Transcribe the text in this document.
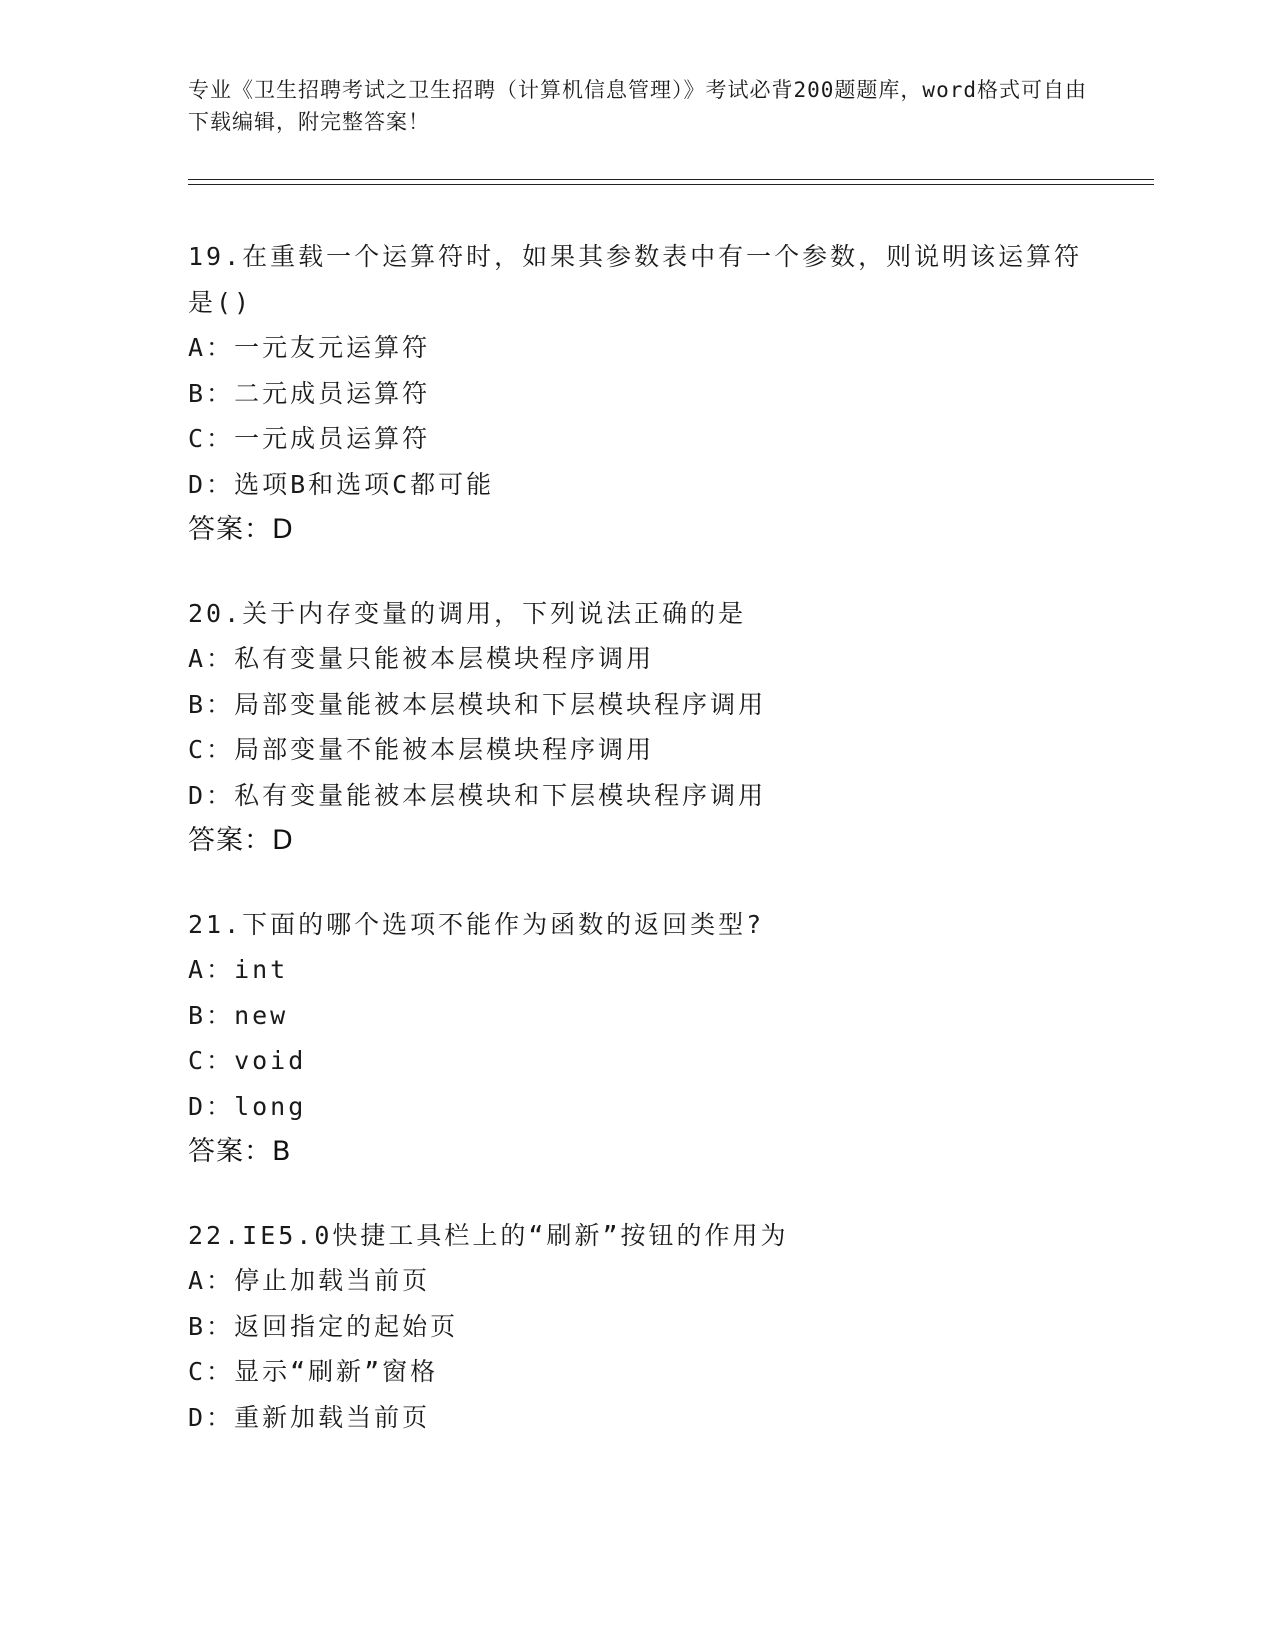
专业《卫生招聘考试之卫生招聘（计算机信息管理）》考试必背200题题库，word格式可自由下载编辑，附完整答案！
19.在重载一个运算符时，如果其参数表中有一个参数，则说明该运算符是()
A：一元友元运算符
B：二元成员运算符
C：一元成员运算符
D：选项B和选项C都可能
答案：D
20.关于内存变量的调用，下列说法正确的是
A：私有变量只能被本层模块程序调用
B：局部变量能被本层模块和下层模块程序调用
C：局部变量不能被本层模块程序调用
D：私有变量能被本层模块和下层模块程序调用
答案：D
21.下面的哪个选项不能作为函数的返回类型?
A：int
B：new
C：void
D：long
答案：B
22.IE5.0快捷工具栏上的“刷新”按钮的作用为
A：停止加载当前页
B：返回指定的起始页
C：显示“刷新”窗格
D：重新加载当前页
